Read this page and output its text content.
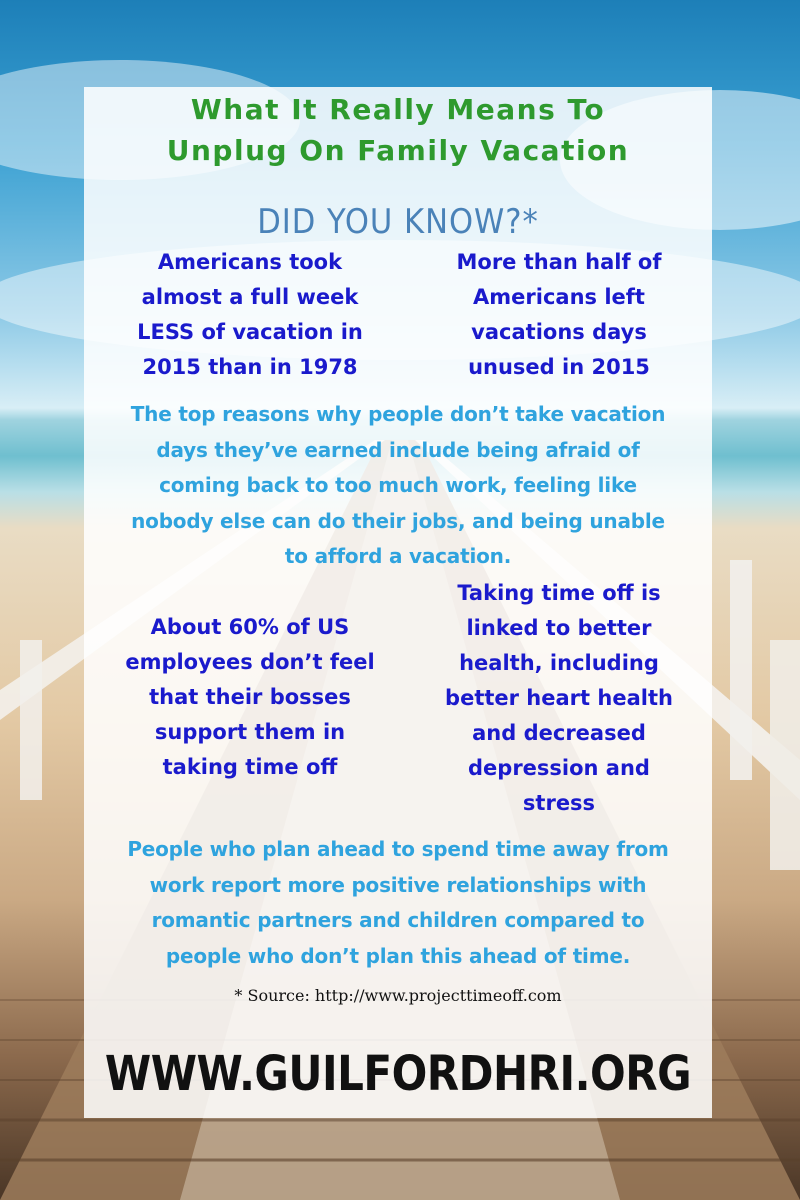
What It Really Means To
Unplug On Family Vacation
DID YOU KNOW?*
Americans took
almost a full week
LESS of vacation in
2015 than in 1978
More than half of
Americans left
vacations days
unused in 2015
The top reasons why people don’t take vacation
days they’ve earned include being afraid of
coming back to too much work, feeling like
nobody else can do their jobs, and being unable
to afford a vacation.
About 60% of US
employees don’t feel
that their bosses
support them in
taking time off
Taking time off is
linked to better
health, including
better heart health
and decreased
depression and
stress
People who plan ahead to spend time away from
work report more positive relationships with
romantic partners and children compared to
people who don’t plan this ahead of time.
* Source: http://www.projecttimeoff.com
WWW.GUILFORDHRI.ORG
